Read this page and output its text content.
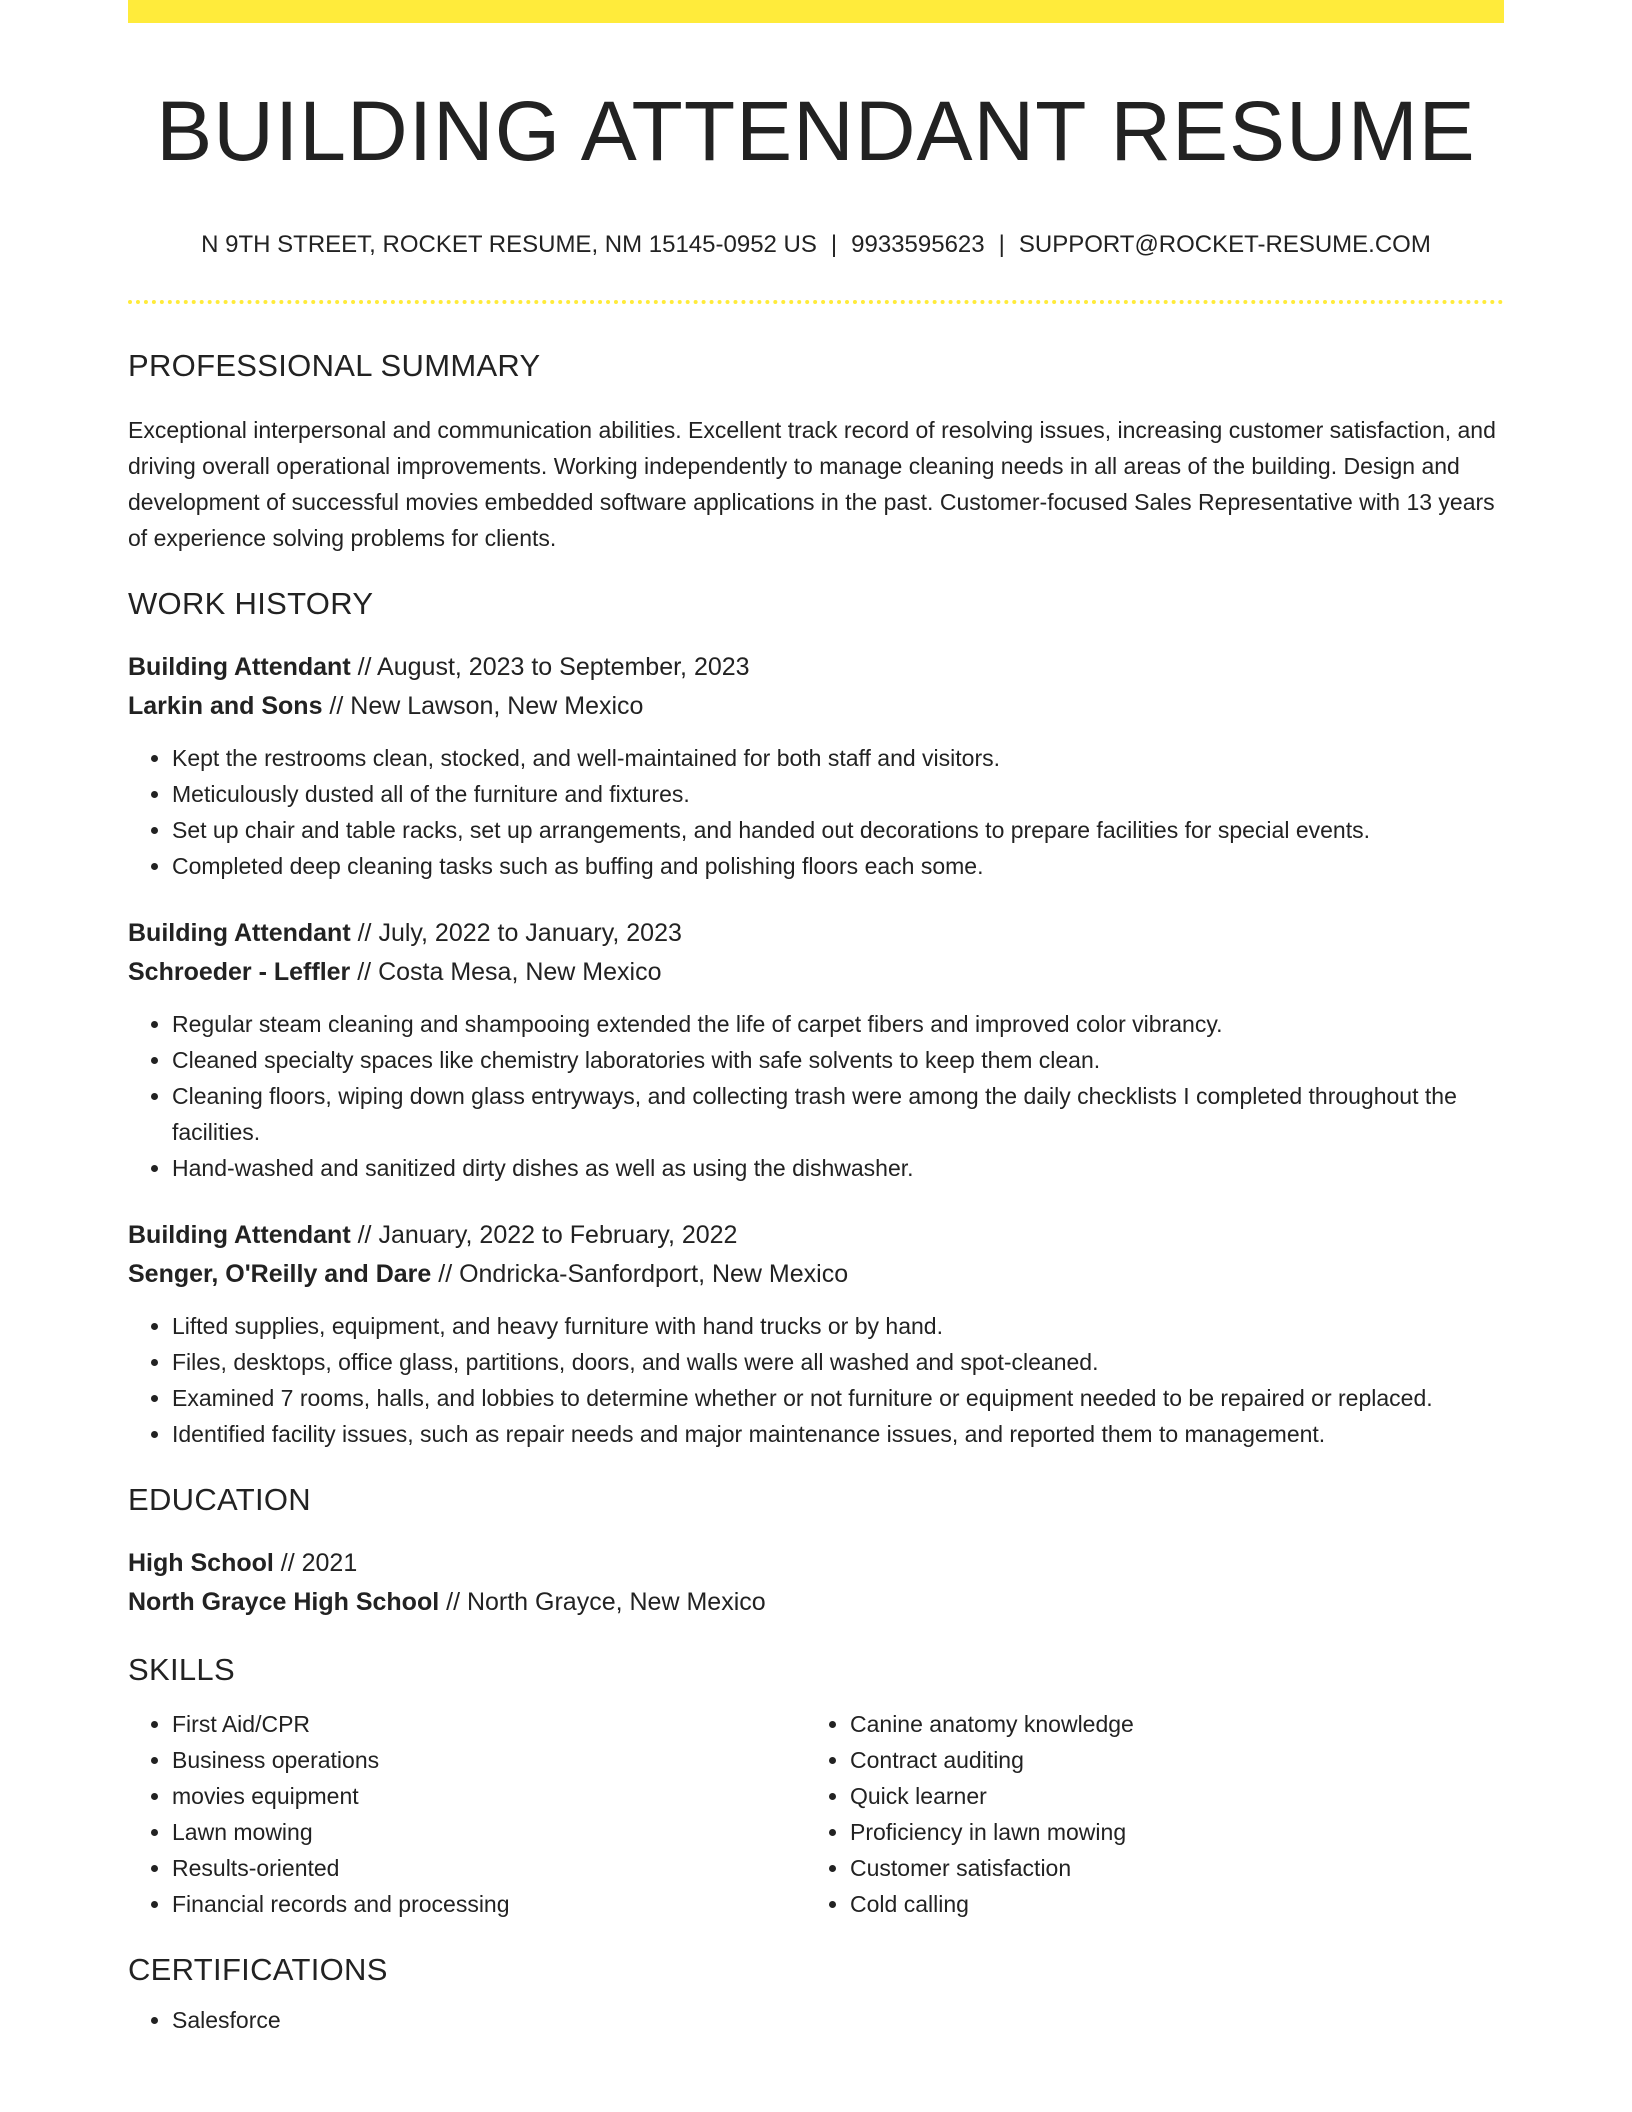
BUILDING ATTENDANT RESUME
N 9TH STREET, ROCKET RESUME, NM 15145-0952 US | 9933595623 | SUPPORT@ROCKET-RESUME.COM
PROFESSIONAL SUMMARY
Exceptional interpersonal and communication abilities. Excellent track record of resolving issues, increasing customer satisfaction, and driving overall operational improvements. Working independently to manage cleaning needs in all areas of the building. Design and development of successful movies embedded software applications in the past. Customer-focused Sales Representative with 13 years of experience solving problems for clients.
WORK HISTORY
Building Attendant // August, 2023 to September, 2023
Larkin and Sons // New Lawson, New Mexico
• Kept the restrooms clean, stocked, and well-maintained for both staff and visitors.
• Meticulously dusted all of the furniture and fixtures.
• Set up chair and table racks, set up arrangements, and handed out decorations to prepare facilities for special events.
• Completed deep cleaning tasks such as buffing and polishing floors each some.
Building Attendant // July, 2022 to January, 2023
Schroeder - Leffler // Costa Mesa, New Mexico
• Regular steam cleaning and shampooing extended the life of carpet fibers and improved color vibrancy.
• Cleaned specialty spaces like chemistry laboratories with safe solvents to keep them clean.
• Cleaning floors, wiping down glass entryways, and collecting trash were among the daily checklists I completed throughout the facilities.
• Hand-washed and sanitized dirty dishes as well as using the dishwasher.
Building Attendant // January, 2022 to February, 2022
Senger, O'Reilly and Dare // Ondricka-Sanfordport, New Mexico
• Lifted supplies, equipment, and heavy furniture with hand trucks or by hand.
• Files, desktops, office glass, partitions, doors, and walls were all washed and spot-cleaned.
• Examined 7 rooms, halls, and lobbies to determine whether or not furniture or equipment needed to be repaired or replaced.
• Identified facility issues, such as repair needs and major maintenance issues, and reported them to management.
EDUCATION
High School // 2021
North Grayce High School // North Grayce, New Mexico
SKILLS
• First Aid/CPR
• Business operations
• movies equipment
• Lawn mowing
• Results-oriented
• Financial records and processing
• Canine anatomy knowledge
• Contract auditing
• Quick learner
• Proficiency in lawn mowing
• Customer satisfaction
• Cold calling
CERTIFICATIONS
• Salesforce
